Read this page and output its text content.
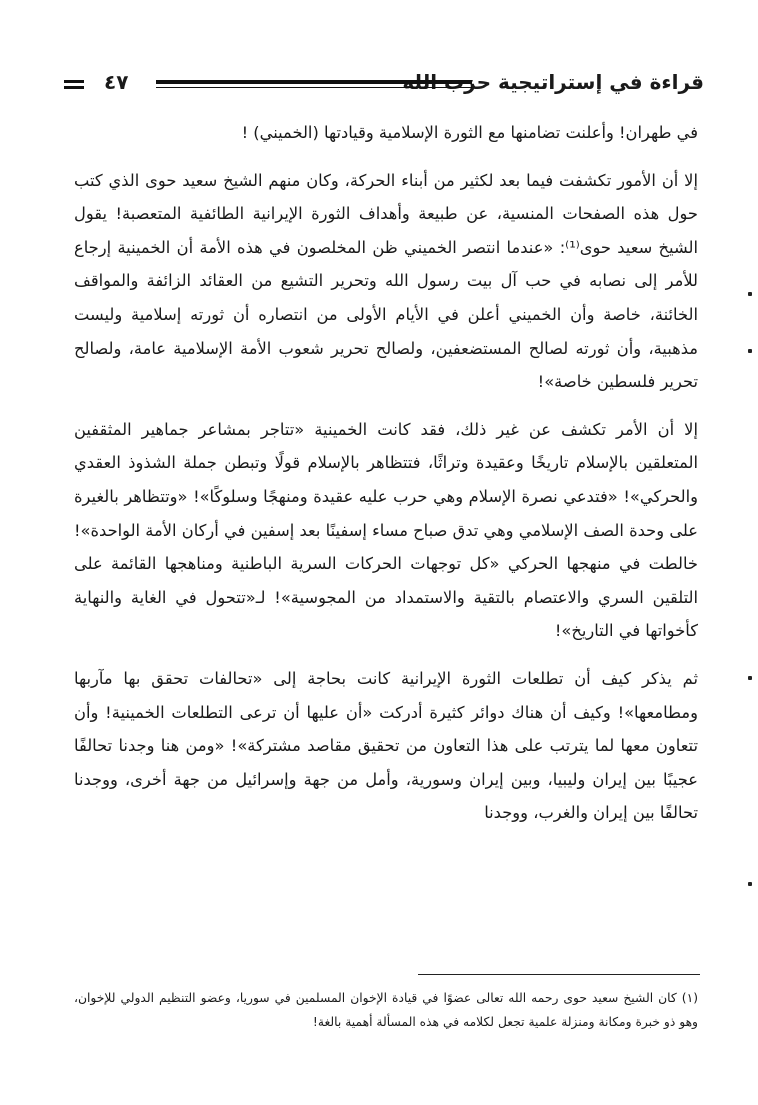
قراءة في إستراتيجية حزب الله
٤٧

في طهران! وأعلنت تضامنها مع الثورة الإسلامية وقيادتها (الخميني) !

إلا أن الأمور تكشفت فيما بعد لكثير من أبناء الحركة، وكان منهم الشيخ سعيد حوى الذي كتب حول هذه الصفحات المنسية، عن طبيعة وأهداف الثورة الإيرانية الطائفية المتعصبة! يقول الشيخ سعيد حوى⁽¹⁾: «عندما انتصر الخميني ظن المخلصون في هذه الأمة أن الخمينية إرجاع للأمر إلى نصابه في حب آل بيت رسول الله وتحرير التشيع من العقائد الزائفة والمواقف الخائنة، خاصة وأن الخميني أعلن في الأيام الأولى من انتصاره أن ثورته إسلامية وليست مذهبية، وأن ثورته لصالح المستضعفين، ولصالح تحرير شعوب الأمة الإسلامية عامة، ولصالح تحرير فلسطين خاصة»!

إلا أن الأمر تكشف عن غير ذلك، فقد كانت الخمينية «تتاجر بمشاعر جماهير المثقفين المتعلقين بالإسلام تاريخًا وعقيدة وتراثًا، فتتظاهر بالإسلام قولًا وتبطن جملة الشذوذ العقدي والحركي»! «فتدعي نصرة الإسلام وهي حرب عليه عقيدة ومنهجًا وسلوكًا»! «وتتظاهر بالغيرة على وحدة الصف الإسلامي وهي تدق صباح مساء إسفينًا بعد إسفين في أركان الأمة الواحدة»! خالطت في منهجها الحركي «كل توجهات الحركات السرية الباطنية ومناهجها القائمة على التلقين السري والاعتصام بالتقية والاستمداد من المجوسية»! لـ«تتحول في الغاية والنهاية كأخواتها في التاريخ»!

ثم يذكر كيف أن تطلعات الثورة الإيرانية كانت بحاجة إلى «تحالفات تحقق بها مآربها ومطامعها»! وكيف أن هناك دوائر كثيرة أدركت «أن عليها أن ترعى التطلعات الخمينية! وأن تتعاون معها لما يترتب على هذا التعاون من تحقيق مقاصد مشتركة»! «ومن هنا وجدنا تحالفًا عجيبًا بين إيران وليبيا، وبين إيران وسورية، وأمل من جهة وإسرائيل من جهة أخرى، ووجدنا تحالفًا بين إيران والغرب، ووجدنا

(١) كان الشيخ سعيد حوى رحمه الله تعالى عضوًا في قيادة الإخوان المسلمين في سوريا، وعضو التنظيم الدولي للإخوان، وهو ذو خبرة ومكانة ومنزلة علمية تجعل لكلامه في هذه المسألة أهمية بالغة!
